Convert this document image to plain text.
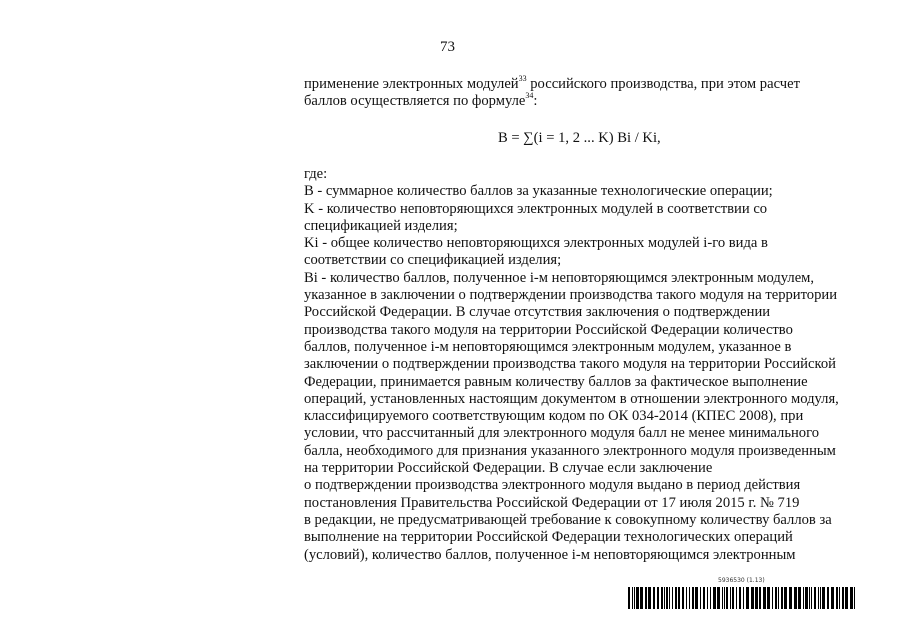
73
применение электронных модулей$^{33}$ российского производства, при этом расчет
баллов осуществляется по формуле$^{34}$:
B = ∑(i = 1, 2 ... K) Bi / Ki,
где:
B - суммарное количество баллов за указанные технологические операции;
K - количество неповторяющихся электронных модулей в соответствии со
спецификацией изделия;
Ki - общее количество неповторяющихся электронных модулей i-го вида в
соответствии со спецификацией изделия;
Bi - количество баллов, полученное i-м неповторяющимся электронным модулем,
указанное в заключении о подтверждении производства такого модуля на территории
Российской Федерации. В случае отсутствия заключения о подтверждении
производства такого модуля на территории Российской Федерации количество
баллов, полученное i-м неповторяющимся электронным модулем, указанное в
заключении о подтверждении производства такого модуля на территории Российской
Федерации, принимается равным количеству баллов за фактическое выполнение
операций, установленных настоящим документом в отношении электронного модуля,
классифицируемого соответствующим кодом по ОК 034-2014 (КПЕС 2008), при
условии, что рассчитанный для электронного модуля балл не менее минимального
балла, необходимого для признания указанного электронного модуля произведенным
на территории Российской Федерации. В случае если заключение
о подтверждении производства электронного модуля выдано в период действия
постановления Правительства Российской Федерации от 17 июля 2015 г. № 719
в редакции, не предусматривающей требование к совокупному количеству баллов за
выполнение на территории Российской Федерации технологических операций
(условий), количество баллов, полученное i-м неповторяющимся электронным
5936530 (1.13)
